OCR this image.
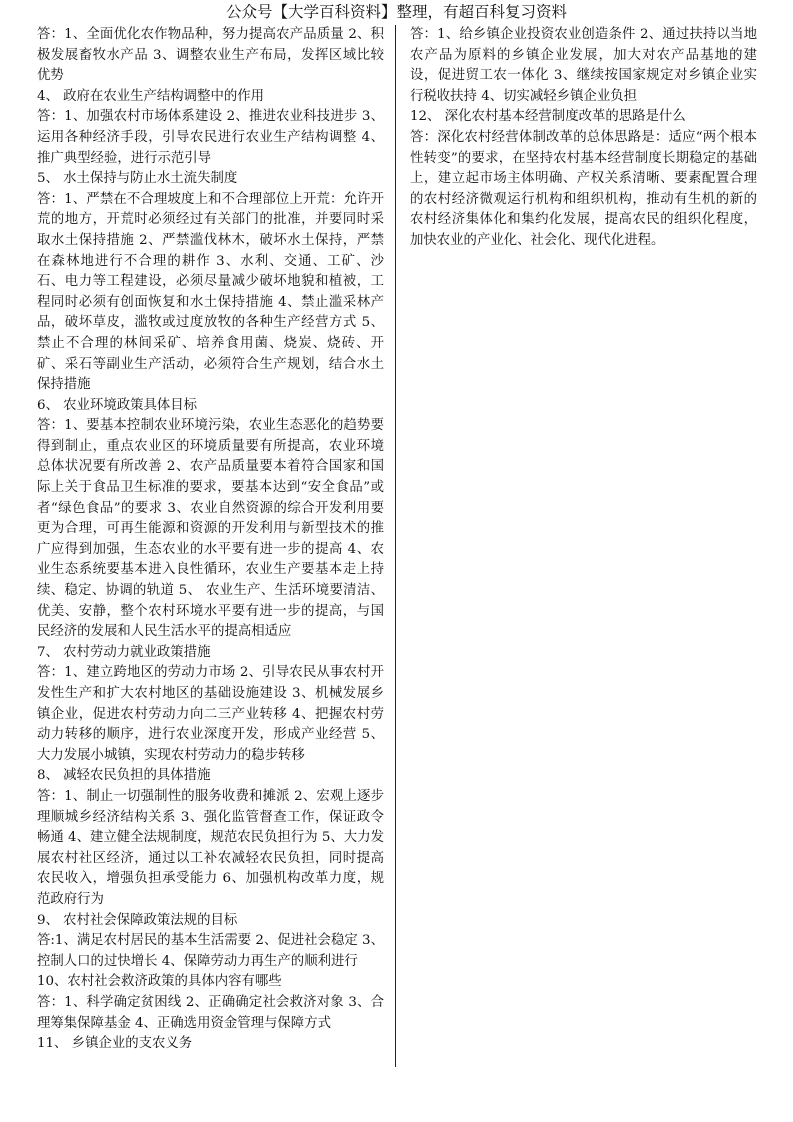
公众号【大学百科资料】整理，有超百科复习资料
答：1、全面优化农作物品种，努力提高农产品质量 2、积极发展畜牧水产品 3、调整农业生产布局，发挥区域比较优势
4、 政府在农业生产结构调整中的作用
答：1、加强农村市场体系建设 2、推进农业科技进步 3、运用各种经济手段，引导农民进行农业生产结构调整 4、推广典型经验，进行示范引导
5、 水土保持与防止水土流失制度
答：1、严禁在不合理坡度上和不合理部位上开荒：允许开荒的地方，开荒时必须经过有关部门的批准，并要同时采取水土保持措施 2、严禁滥伐林木，破坏水土保持，严禁在森林地进行不合理的耕作 3、水利、交通、工矿、沙石、电力等工程建设，必须尽量减少破坏地貌和植被，工程同时必须有创面恢复和水土保持措施 4、禁止滥采林产品，破坏草皮，滥牧或过度放牧的各种生产经营方式 5、禁止不合理的林间采矿、培养食用菌、烧炭、烧砖、开矿、采石等副业生产活动，必须符合生产规划，结合水土保持措施
6、 农业环境政策具体目标
答：1、要基本控制农业环境污染，农业生态恶化的趋势要得到制止，重点农业区的环境质量要有所提高，农业环境总体状况要有所改善 2、农产品质量要本着符合国家和国际上关于食品卫生标准的要求，要基本达到“安全食品”或者“绿色食品”的要求 3、农业自然资源的综合开发利用要更为合理，可再生能源和资源的开发利用与新型技术的推广应得到加强，生态农业的水平要有进一步的提高 4、农业生态系统要基本进入良性循环，农业生产要基本走上持续、稳定、协调的轨道 5、 农业生产、生活环境要清洁、优美、安静，整个农村环境水平要有进一步的提高，与国民经济的发展和人民生活水平的提高相适应
7、 农村劳动力就业政策措施
答：1、建立跨地区的劳动力市场 2、引导农民从事农村开发性生产和扩大农村地区的基础设施建设 3、机械发展乡镇企业，促进农村劳动力向二三产业转移 4、把握农村劳动力转移的顺序，进行农业深度开发，形成产业经营 5、大力发展小城镇，实现农村劳动力的稳步转移
8、 减轻农民负担的具体措施
答：1、制止一切强制性的服务收费和摊派 2、宏观上逐步理顺城乡经济结构关系 3、强化监管督查工作，保证政令畅通 4、建立健全法规制度，规范农民负担行为 5、大力发展农村社区经济，通过以工补农减轻农民负担，同时提高农民收入，增强负担承受能力 6、加强机构改革力度，规范政府行为
9、 农村社会保障政策法规的目标
答:1、满足农村居民的基本生活需要 2、促进社会稳定 3、控制人口的过快增长 4、保障劳动力再生产的顺利进行
10、农村社会救济政策的具体内容有哪些
答：1、科学确定贫困线 2、正确确定社会救济对象 3、合理筹集保障基金 4、正确选用资金管理与保障方式
11、 乡镇企业的支农义务
答：1、给乡镇企业投资农业创造条件 2、通过扶持以当地农产品为原料的乡镇企业发展，加大对农产品基地的建设，促进贸工农一体化 3、继续按国家规定对乡镇企业实行税收扶持 4、切实减轻乡镇企业负担
12、 深化农村基本经营制度改革的思路是什么
答：深化农村经营体制改革的总体思路是：适应“两个根本性转变”的要求，在坚持农村基本经营制度长期稳定的基础上，建立起市场主体明确、产权关系清晰、要素配置合理的农村经济微观运行机构和组织机构，推动有生机的新的农村经济集体化和集约化发展，提高农民的组织化程度，加快农业的产业化、社会化、现代化进程。
